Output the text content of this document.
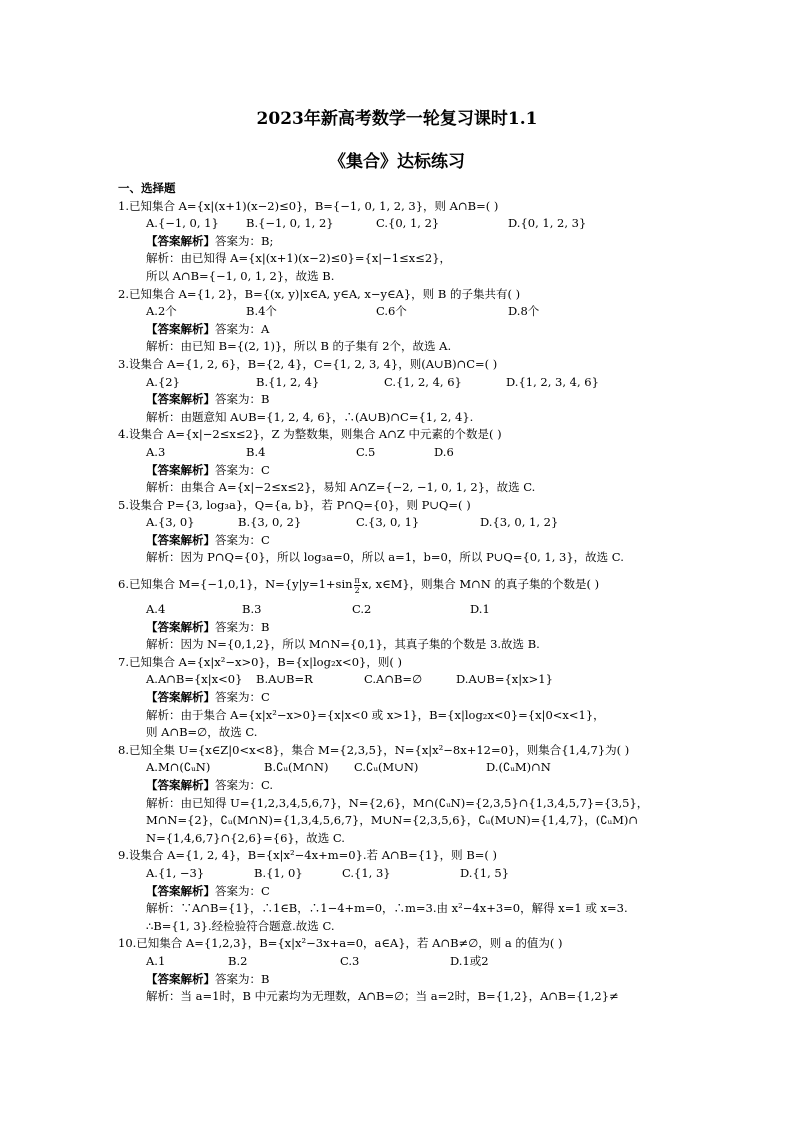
2023年新高考数学一轮复习课时1.1
《集合》达标练习
一、选择题
1.已知集合 A={x|(x+1)(x−2)≤0}，B={−1, 0, 1, 2, 3}，则 A∩B=( )
A.{−1, 0, 1}	B.{−1, 0, 1, 2}	C.{0, 1, 2}	D.{0, 1, 2, 3}
【答案解析】答案为：B;
解析：由已知得 A={x|(x+1)(x−2)≤0}={x|−1≤x≤2}，
所以 A∩B={−1, 0, 1, 2}，故选 B.
2.已知集合 A={1, 2}，B={(x, y)|x∈A, y∈A, x−y∈A}，则 B 的子集共有( )
A.2个	B.4个	C.6个	D.8个
【答案解析】答案为：A
解析：由已知 B={(2, 1)}，所以 B 的子集有 2个，故选 A.
3.设集合 A={1, 2, 6}，B={2, 4}，C={1, 2, 3, 4}，则(A∪B)∩C=( )
A.{2}	B.{1, 2, 4}	C.{1, 2, 4, 6}	D.{1, 2, 3, 4, 6}
【答案解析】答案为：B
解析：由题意知 A∪B={1, 2, 4, 6}，∴(A∪B)∩C={1, 2, 4}.
4.设集合 A={x|−2≤x≤2}，Z 为整数集，则集合 A∩Z 中元素的个数是( )
A.3	B.4	C.5	D.6
【答案解析】答案为：C
解析：由集合 A={x|−2≤x≤2}，易知 A∩Z={−2, −1, 0, 1, 2}，故选 C.
5.设集合 P={3, log₃a}，Q={a, b}，若 P∩Q={0}，则 P∪Q=( )
A.{3, 0}	B.{3, 0, 2}	C.{3, 0, 1}	D.{3, 0, 1, 2}
【答案解析】答案为：C
解析：因为 P∩Q={0}，所以 log₃a=0，所以 a=1，b=0，所以 P∪Q={0, 1, 3}，故选 C.
6.已知集合 M={−1,0,1}，$N=\{y|y=1+\sin \frac{\pi}{2} x$, x∈M}，则集合 M∩N 的真子集的个数是( )
A.4	B.3	C.2	D.1
【答案解析】答案为：B
解析：因为 N={0,1,2}，所以 M∩N={0,1}，其真子集的个数是 3.故选 B.
7.已知集合 A={x|x²−x>0}，B={x|log₂x<0}，则( )
A.A∩B={x|x<0}	B.A∪B=R	C.A∩B=∅	D.A∪B={x|x>1}
【答案解析】答案为：C
解析：由于集合 A={x|x²−x>0}={x|x<0 或 x>1}，B={x|log₂x<0}={x|0<x<1}，
则 A∩B=∅，故选 C.
8.已知全集 U={x∈Z|0<x<8}，集合 M={2,3,5}，N={x|x²−8x+12=0}，则集合{1,4,7}为( )
A.M∩(∁ᵤN)	B.∁ᵤ(M∩N)	C.∁ᵤ(M∪N)	D.(∁ᵤM)∩N
【答案解析】答案为：C.
解析：由已知得 U={1,2,3,4,5,6,7}，N={2,6}，M∩(∁ᵤN)={2,3,5}∩{1,3,4,5,7}={3,5}，
M∩N={2}，∁ᵤ(M∩N)={1,3,4,5,6,7}，M∪N={2,3,5,6}，∁ᵤ(M∪N)={1,4,7}，(∁ᵤM)∩
N={1,4,6,7}∩{2,6}={6}，故选 C.
9.设集合 A={1, 2, 4}，B={x|x²−4x+m=0}.若 A∩B={1}，则 B=( )
A.{1, −3}	B.{1, 0}	C.{1, 3}	D.{1, 5}
【答案解析】答案为：C
解析：∵A∩B={1}，∴1∈B，∴1−4+m=0，∴m=3.由 x²−4x+3=0，解得 x=1 或 x=3.
∴B={1, 3}.经检验符合题意.故选 C.
10.已知集合 A={1,2,3}，B={x|x²−3x+a=0，a∈A}，若 A∩B≠∅，则 a 的值为( )
A.1	B.2	C.3	D.1或2
【答案解析】答案为：B
解析：当 a=1时，B 中元素均为无理数，A∩B=∅；当 a=2时，B={1,2}，A∩B={1,2}≠
